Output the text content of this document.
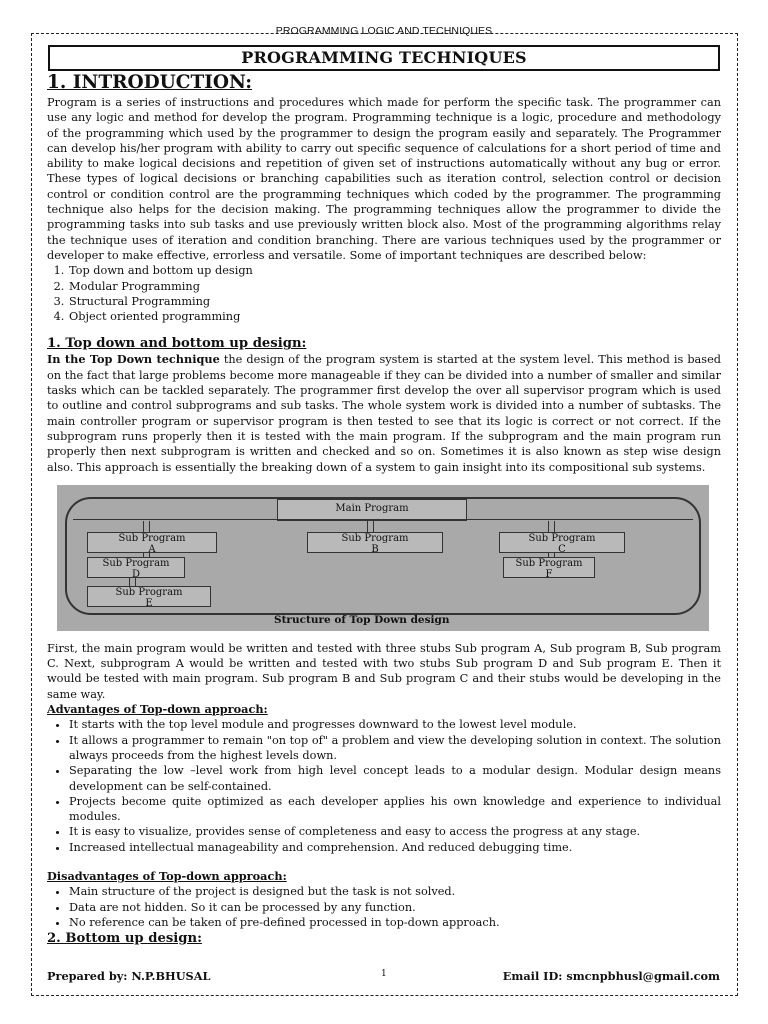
PROGRAMMING LOGIC AND TECHNIQUES
PROGRAMMING TECHNIQUES
1. INTRODUCTION:

Program is a series of instructions and procedures which made for perform the specific task. The programmer can use any logic and method for develop the program. Programming technique is a logic, procedure and methodology of the programming which used by the programmer to design the program easily and separately. The Programmer can develop his/her program with ability to carry out specific sequence of calculations for a short period of time and ability to make logical decisions and repetition of given set of instructions automatically without any bug or error. These types of logical decisions or branching capabilities such as iteration control, selection control or decision control or condition control are the programming techniques which coded by the programmer. The programming technique also helps for the decision making. The programming techniques allow the programmer to divide the programming tasks into sub tasks and use previously written block also. Most of the programming algorithms relay the technique uses of iteration and condition branching. There are various techniques used by the programmer or developer to make effective, errorless and versatile. Some of important techniques are described below:

1. Top down and bottom up design
2. Modular Programming
3. Structural Programming
4. Object oriented programming
1. Top down and bottom up design:

In the Top Down technique the design of the program system is started at the system level. This method is based on the fact that large problems become more manageable if they can be divided into a number of smaller and similar tasks which can be tackled separately. The programmer first develop the over all supervisor program which is used to outline and control subprograms and sub tasks. The whole system work is divided into a number of subtasks. The main controller program or supervisor program is then tested to see that its logic is correct or not correct. If the subprogram runs properly then it is tested with the main program. If the subprogram and the main program run properly then next subprogram is written and checked and so on. Sometimes it is also known as step wise design also. This approach is essentially the breaking down of a system to gain insight into its compositional sub systems.

Main Program
Sub Program
A
Sub Program
B
Sub Program
C
Sub Program
D
Sub Program
F
Sub Program
E
Structure of Top Down design

First, the main program would be written and tested with three stubs Sub program A, Sub program B, Sub program C. Next, subprogram A would be written and tested with two stubs Sub program D and Sub program E. Then it would be tested with main program. Sub program B and Sub program C and their stubs would be developing in the same way.

Advantages of Top-down approach:
• It starts with the top level module and progresses downward to the lowest level module.
• It allows a programmer to remain "on top of" a problem and view the developing solution in context. The solution always proceeds from the highest levels down.
• Separating the low –level work from high level concept leads to a modular design. Modular design means development can be self-contained.
• Projects become quite optimized as each developer applies his own knowledge and experience to individual modules.
• It is easy to visualize, provides sense of completeness and easy to access the progress at any stage.
• Increased intellectual manageability and comprehension. And reduced debugging time.
Disadvantages of Top-down approach:
• Main structure of the project is designed but the task is not solved.
• Data are not hidden. So it can be processed by any function.
• No reference can be taken of pre-defined processed in top-down approach.
2. Bottom up design:
Prepared by: N.P.BHUSAL	1	Email ID: smcnpbhusl@gmail.com
